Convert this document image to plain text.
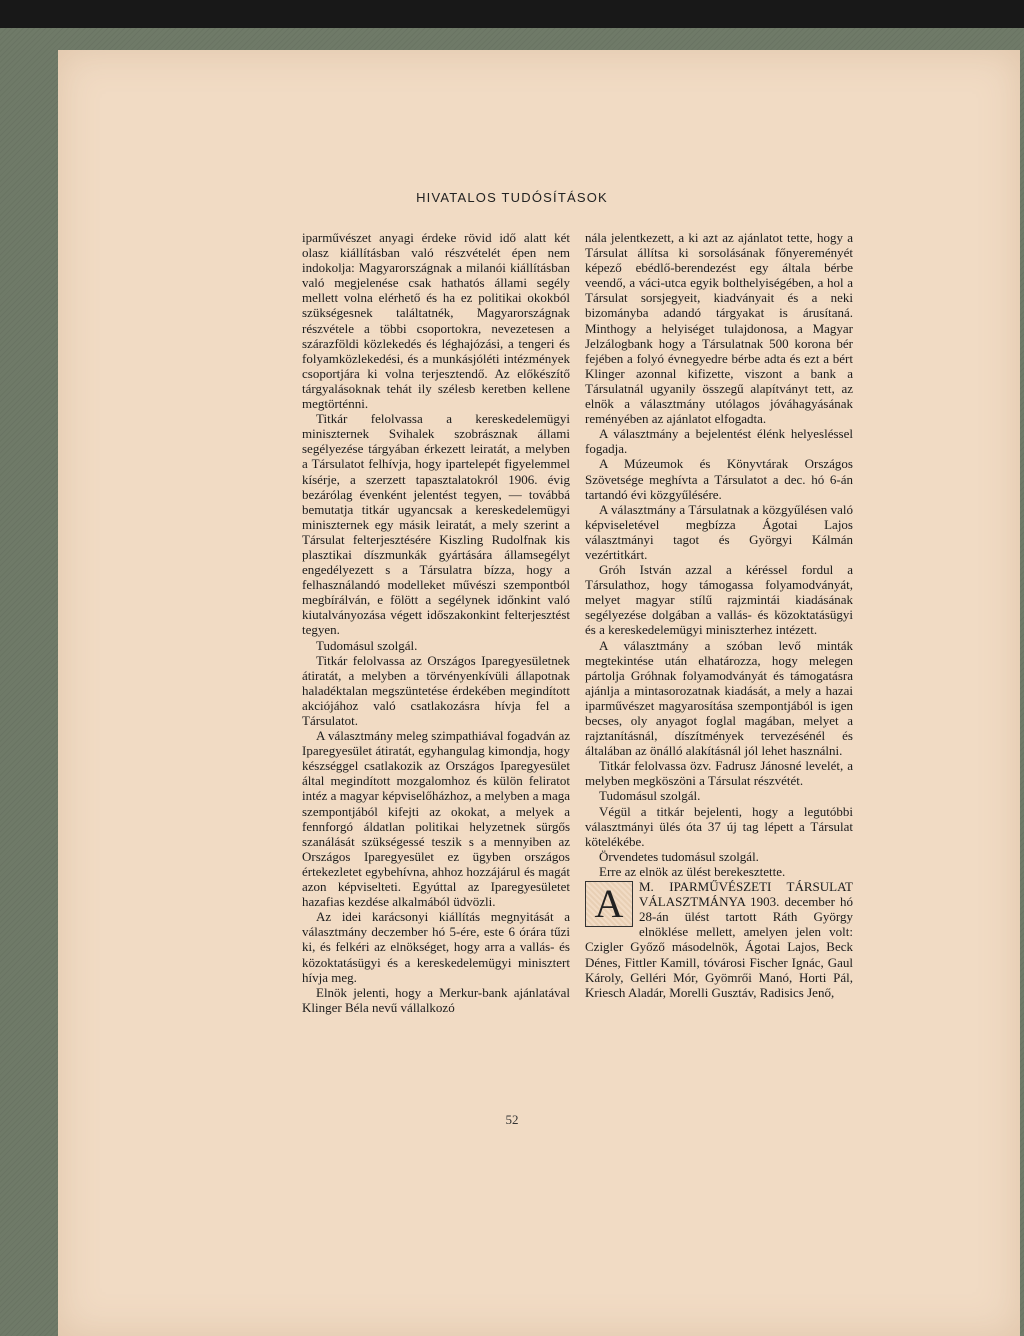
HIVATALOS TUDÓSÍTÁSOK

iparművészet anyagi érdeke rövid idő alatt két olasz kiállításban való részvételét épen nem indokolja: Magyarországnak a milanói kiállításban való megjelenése csak hathatós állami segély mellett volna elérhető és ha ez politikai okokból szükségesnek találtatnék, Magyarországnak részvétele a többi csoportokra, nevezetesen a szárazföldi közlekedés és léghajózási, a tengeri és folyamközlekedési, és a munkásjóléti intézmények csoportjára ki volna terjesztendő. Az előkészítő tárgyalásoknak tehát ily szélesb keretben kellene megtörténni.

Titkár felolvassa a kereskedelemügyi miniszternek Svihalek szobrásznak állami segélyezése tárgyában érkezett leiratát, a melyben a Társulatot felhívja, hogy ipartelepét figyelemmel kísérje, a szerzett tapasztalatokról 1906. évig bezárólag évenként jelentést tegyen, — továbbá bemutatja titkár ugyancsak a kereskedelemügyi miniszternek egy másik leiratát, a mely szerint a Társulat felterjesztésére Kiszling Rudolfnak kis plasztikai díszmunkák gyártására államsegélyt engedélyezett s a Társulatra bízza, hogy a felhasználandó modelleket művészi szempontból megbírálván, e fölött a segélynek időnkint való kiutalványozása végett időszakonkint felterjesztést tegyen.

Tudomásul szolgál.

Titkár felolvassa az Országos Iparegyesületnek átiratát, a melyben a törvényenkívüli állapotnak haladéktalan megszüntetése érdekében megindított akciójához való csatlakozásra hívja fel a Társulatot.

A választmány meleg szimpathiával fogadván az Iparegyesület átiratát, egyhangulag kimondja, hogy készséggel csatlakozik az Országos Iparegyesület által megindított mozgalomhoz és külön feliratot intéz a magyar képviselőházhoz, a melyben a maga szempontjából kifejti az okokat, a melyek a fennforgó áldatlan politikai helyzetnek sürgős szanálását szükségessé teszik s a mennyiben az Országos Iparegyesület ez ügyben országos értekezletet egybehívna, ahhoz hozzájárul és magát azon képviselteti. Egyúttal az Iparegyesületet hazafias kezdése alkalmából üdvözli.

Az idei karácsonyi kiállítás megnyitását a választmány deczember hó 5-ére, este 6 órára tűzi ki, és felkéri az elnökséget, hogy arra a vallás- és közoktatásügyi és a kereskedelemügyi minisztert hívja meg.

Elnök jelenti, hogy a Merkur-bank ajánlatával Klinger Béla nevű vállalkozó

nála jelentkezett, a ki azt az ajánlatot tette, hogy a Társulat állítsa ki sorsolásának főnyereményét képező ebédlő-berendezést egy általa bérbe veendő, a váci-utca egyik bolthelyiségében, a hol a Társulat sorsjegyeit, kiadványait és a neki bizományba adandó tárgyakat is árusítaná. Minthogy a helyiséget tulajdonosa, a Magyar Jelzálogbank hogy a Társulatnak 500 korona bér fejében a folyó évnegyedre bérbe adta és ezt a bért Klinger azonnal kifizette, viszont a bank a Társulatnál ugyanily összegű alapítványt tett, az elnök a választmány utólagos jóváhagyásának reményében az ajánlatot elfogadta.

A választmány a bejelentést élénk helyesléssel fogadja.

A Múzeumok és Könyvtárak Országos Szövetsége meghívta a Társulatot a dec. hó 6-án tartandó évi közgyűlésére.

A választmány a Társulatnak a közgyűlésen való képviseletével megbízza Ágotai Lajos választmányi tagot és Györgyi Kálmán vezértitkárt.

Gróh István azzal a kéréssel fordul a Társulathoz, hogy támogassa folyamodványát, melyet magyar stílű rajzmintái kiadásának segélyezése dolgában a vallás- és közoktatásügyi és a kereskedelemügyi miniszterhez intézett.

A választmány a szóban levő minták megtekintése után elhatározza, hogy melegen pártolja Gróhnak folyamodványát és támogatásra ajánlja a mintasorozatnak kiadását, a mely a hazai iparművészet magyarosítása szempontjából is igen becses, oly anyagot foglal magában, melyet a rajztanításnál, díszítmények tervezésénél és általában az önálló alakításnál jól lehet használni.

Titkár felolvassa özv. Fadrusz Jánosné levelét, a melyben megköszöni a Társulat részvétét.

Tudomásul szolgál.

Végül a titkár bejelenti, hogy a legutóbbi választmányi ülés óta 37 új tag lépett a Társulat kötelékébe.

Örvendetes tudomásul szolgál.

Erre az elnök az ülést berekesztette.

A	M. IPARMŰVÉSZETI TÁRSULAT VÁLASZTMÁNYA 1903. december hó 28-án ülést tartott Ráth György elnöklése mellett, amelyen jelen volt: Czigler Győző másodelnök, Ágotai Lajos, Beck Dénes, Fittler Kamill, tóvárosi Fischer Ignác, Gaul Károly, Gelléri Mór, Gyömrői Manó, Horti Pál, Kriesch Aladár, Morelli Gusztáv, Radisics Jenő,

52
